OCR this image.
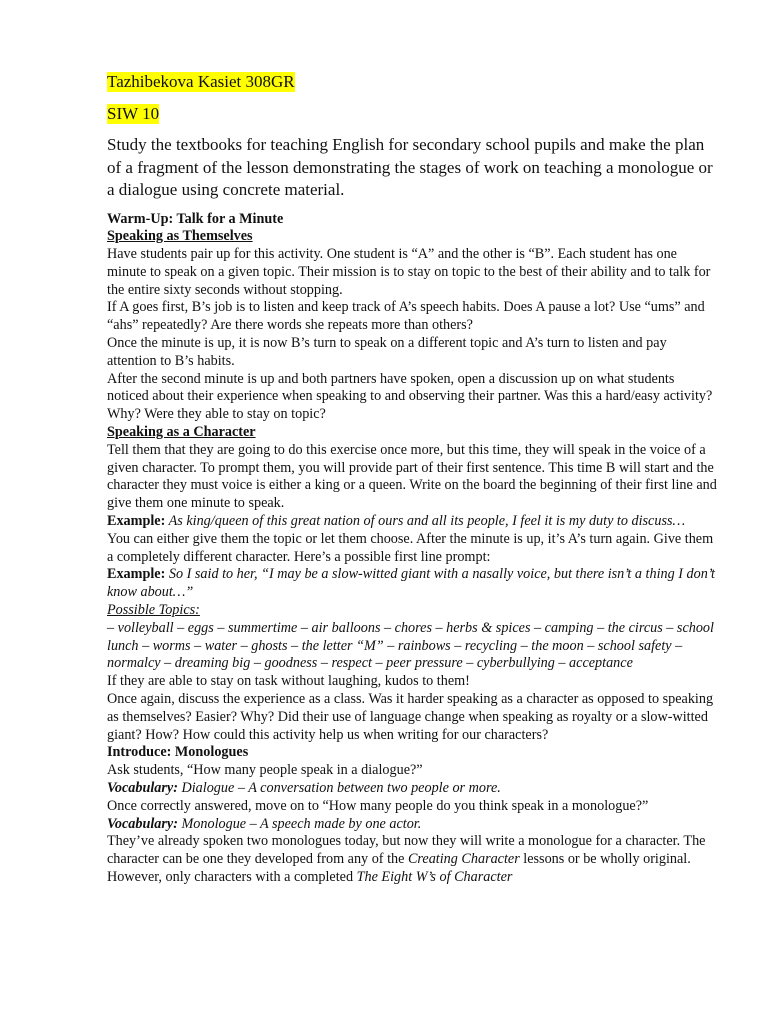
Tazhibekova Kasiet 308GR
SIW 10

Study the textbooks for teaching English for secondary school pupils and make the plan of a fragment of the lesson demonstrating the stages of work on teaching a monologue or a dialogue using concrete material.

Warm-Up: Talk for a Minute

Speaking as Themselves

Have students pair up for this activity. One student is “A” and the other is “B”. Each student has one minute to speak on a given topic. Their mission is to stay on topic to the best of their ability and to talk for the entire sixty seconds without stopping.

If A goes first, B’s job is to listen and keep track of A’s speech habits. Does A pause a lot? Use “ums” and “ahs” repeatedly? Are there words she repeats more than others?

Once the minute is up, it is now B’s turn to speak on a different topic and A’s turn to listen and pay attention to B’s habits.

After the second minute is up and both partners have spoken, open a discussion up on what students noticed about their experience when speaking to and observing their partner. Was this a hard/easy activity? Why? Were they able to stay on topic?

Speaking as a Character

Tell them that they are going to do this exercise once more, but this time, they will speak in the voice of a given character. To prompt them, you will provide part of their first sentence. This time B will start and the character they must voice is either a king or a queen. Write on the board the beginning of their first line and give them one minute to speak.

Example: As king/queen of this great nation of ours and all its people, I feel it is my duty to discuss…

You can either give them the topic or let them choose. After the minute is up, it’s A’s turn again. Give them a completely different character. Here’s a possible first line prompt:

Example: So I said to her, “I may be a slow-witted giant with a nasally voice, but there isn’t a thing I don’t know about…”

Possible Topics:

– volleyball – eggs – summertime – air balloons – chores – herbs & spices – camping – the circus – school lunch – worms – water – ghosts – the letter “M” – rainbows – recycling – the moon – school safety – normalcy – dreaming big – goodness – respect – peer pressure – cyberbullying – acceptance

If they are able to stay on task without laughing, kudos to them!

Once again, discuss the experience as a class. Was it harder speaking as a character as opposed to speaking as themselves? Easier? Why? Did their use of language change when speaking as royalty or a slow-witted giant? How? How could this activity help us when writing for our characters?

Introduce: Monologues

Ask students, “How many people speak in a dialogue?”

Vocabulary: Dialogue – A conversation between two people or more.

Once correctly answered, move on to “How many people do you think speak in a monologue?”

Vocabulary: Monologue – A speech made by one actor.

They’ve already spoken two monologues today, but now they will write a monologue for a character. The character can be one they developed from any of the Creating Character lessons or be wholly original. However, only characters with a completed The Eight W’s of Character
